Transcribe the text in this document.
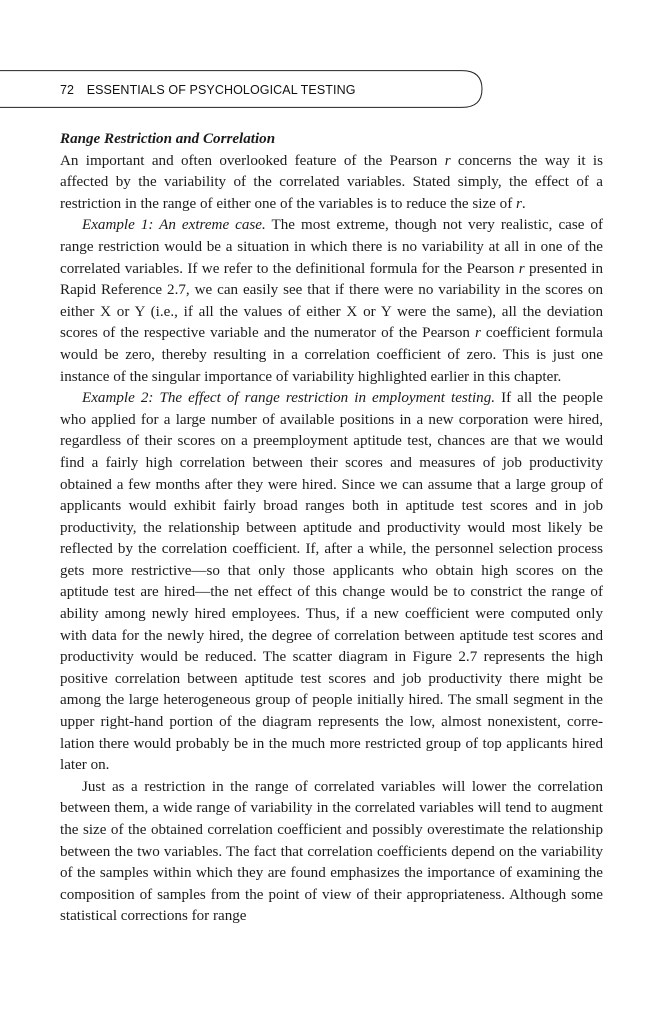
72 ESSENTIALS OF PSYCHOLOGICAL TESTING

Range Restriction and Correlation

An important and often overlooked feature of the Pearson r concerns the way it is affected by the variability of the correlated variables. Stated simply, the effect of a restriction in the range of either one of the variables is to reduce the size of r.

Example 1: An extreme case. The most extreme, though not very realistic, case of range restriction would be a situation in which there is no variability at all in one of the correlated variables. If we refer to the definitional formula for the Pearson r presented in Rapid Reference 2.7, we can easily see that if there were no variability in the scores on either X or Y (i.e., if all the values of either X or Y were the same), all the deviation scores of the respective variable and the numerator of the Pearson r coefficient formula would be zero, thereby resulting in a correlation coefficient of zero. This is just one instance of the singular importance of variability highlighted earlier in this chapter.

Example 2: The effect of range restriction in employment testing. If all the people who applied for a large number of available positions in a new corporation were hired, regardless of their scores on a preemployment aptitude test, chances are that we would find a fairly high correlation between their scores and measures of job productivity obtained a few months after they were hired. Since we can assume that a large group of applicants would exhibit fairly broad ranges both in aptitude test scores and in job productivity, the relationship between aptitude and productivity would most likely be reflected by the correlation coefficient. If, after a while, the personnel selection process gets more restrictive—so that only those applicants who obtain high scores on the aptitude test are hired—the net effect of this change would be to constrict the range of ability among newly hired employees. Thus, if a new coefficient were computed only with data for the newly hired, the degree of correlation between aptitude test scores and productivity would be reduced. The scatter diagram in Figure 2.7 represents the high positive correlation between aptitude test scores and job productivity there might be among the large heterogeneous group of people initially hired. The small segment in the upper right-hand portion of the diagram represents the low, almost nonexistent, correlation there would probably be in the much more restricted group of top applicants hired later on.

Just as a restriction in the range of correlated variables will lower the correlation between them, a wide range of variability in the correlated variables will tend to augment the size of the obtained correlation coefficient and possibly overestimate the relationship between the two variables. The fact that correlation coefficients depend on the variability of the samples within which they are found emphasizes the importance of examining the composition of samples from the point of view of their appropriateness. Although some statistical corrections for range
